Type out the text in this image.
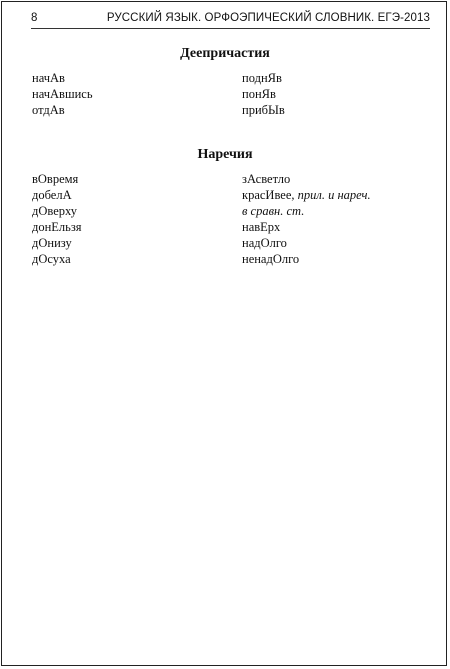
8	РУССКИЙ ЯЗЫК. ОРФОЭПИЧЕСКИЙ СЛОВНИК. ЕГЭ-2013
Деепричастия
начАв
начАвшись
отдАв
поднЯв
понЯв
прибЫв
Наречия
вОвремя
добелА
дОверху
донЕльзя
дОнизу
дОсуха
зАсветло
красИвее, прил. и нареч.
в сравн. ст.
навЕрх
надОлго
ненадОлго
